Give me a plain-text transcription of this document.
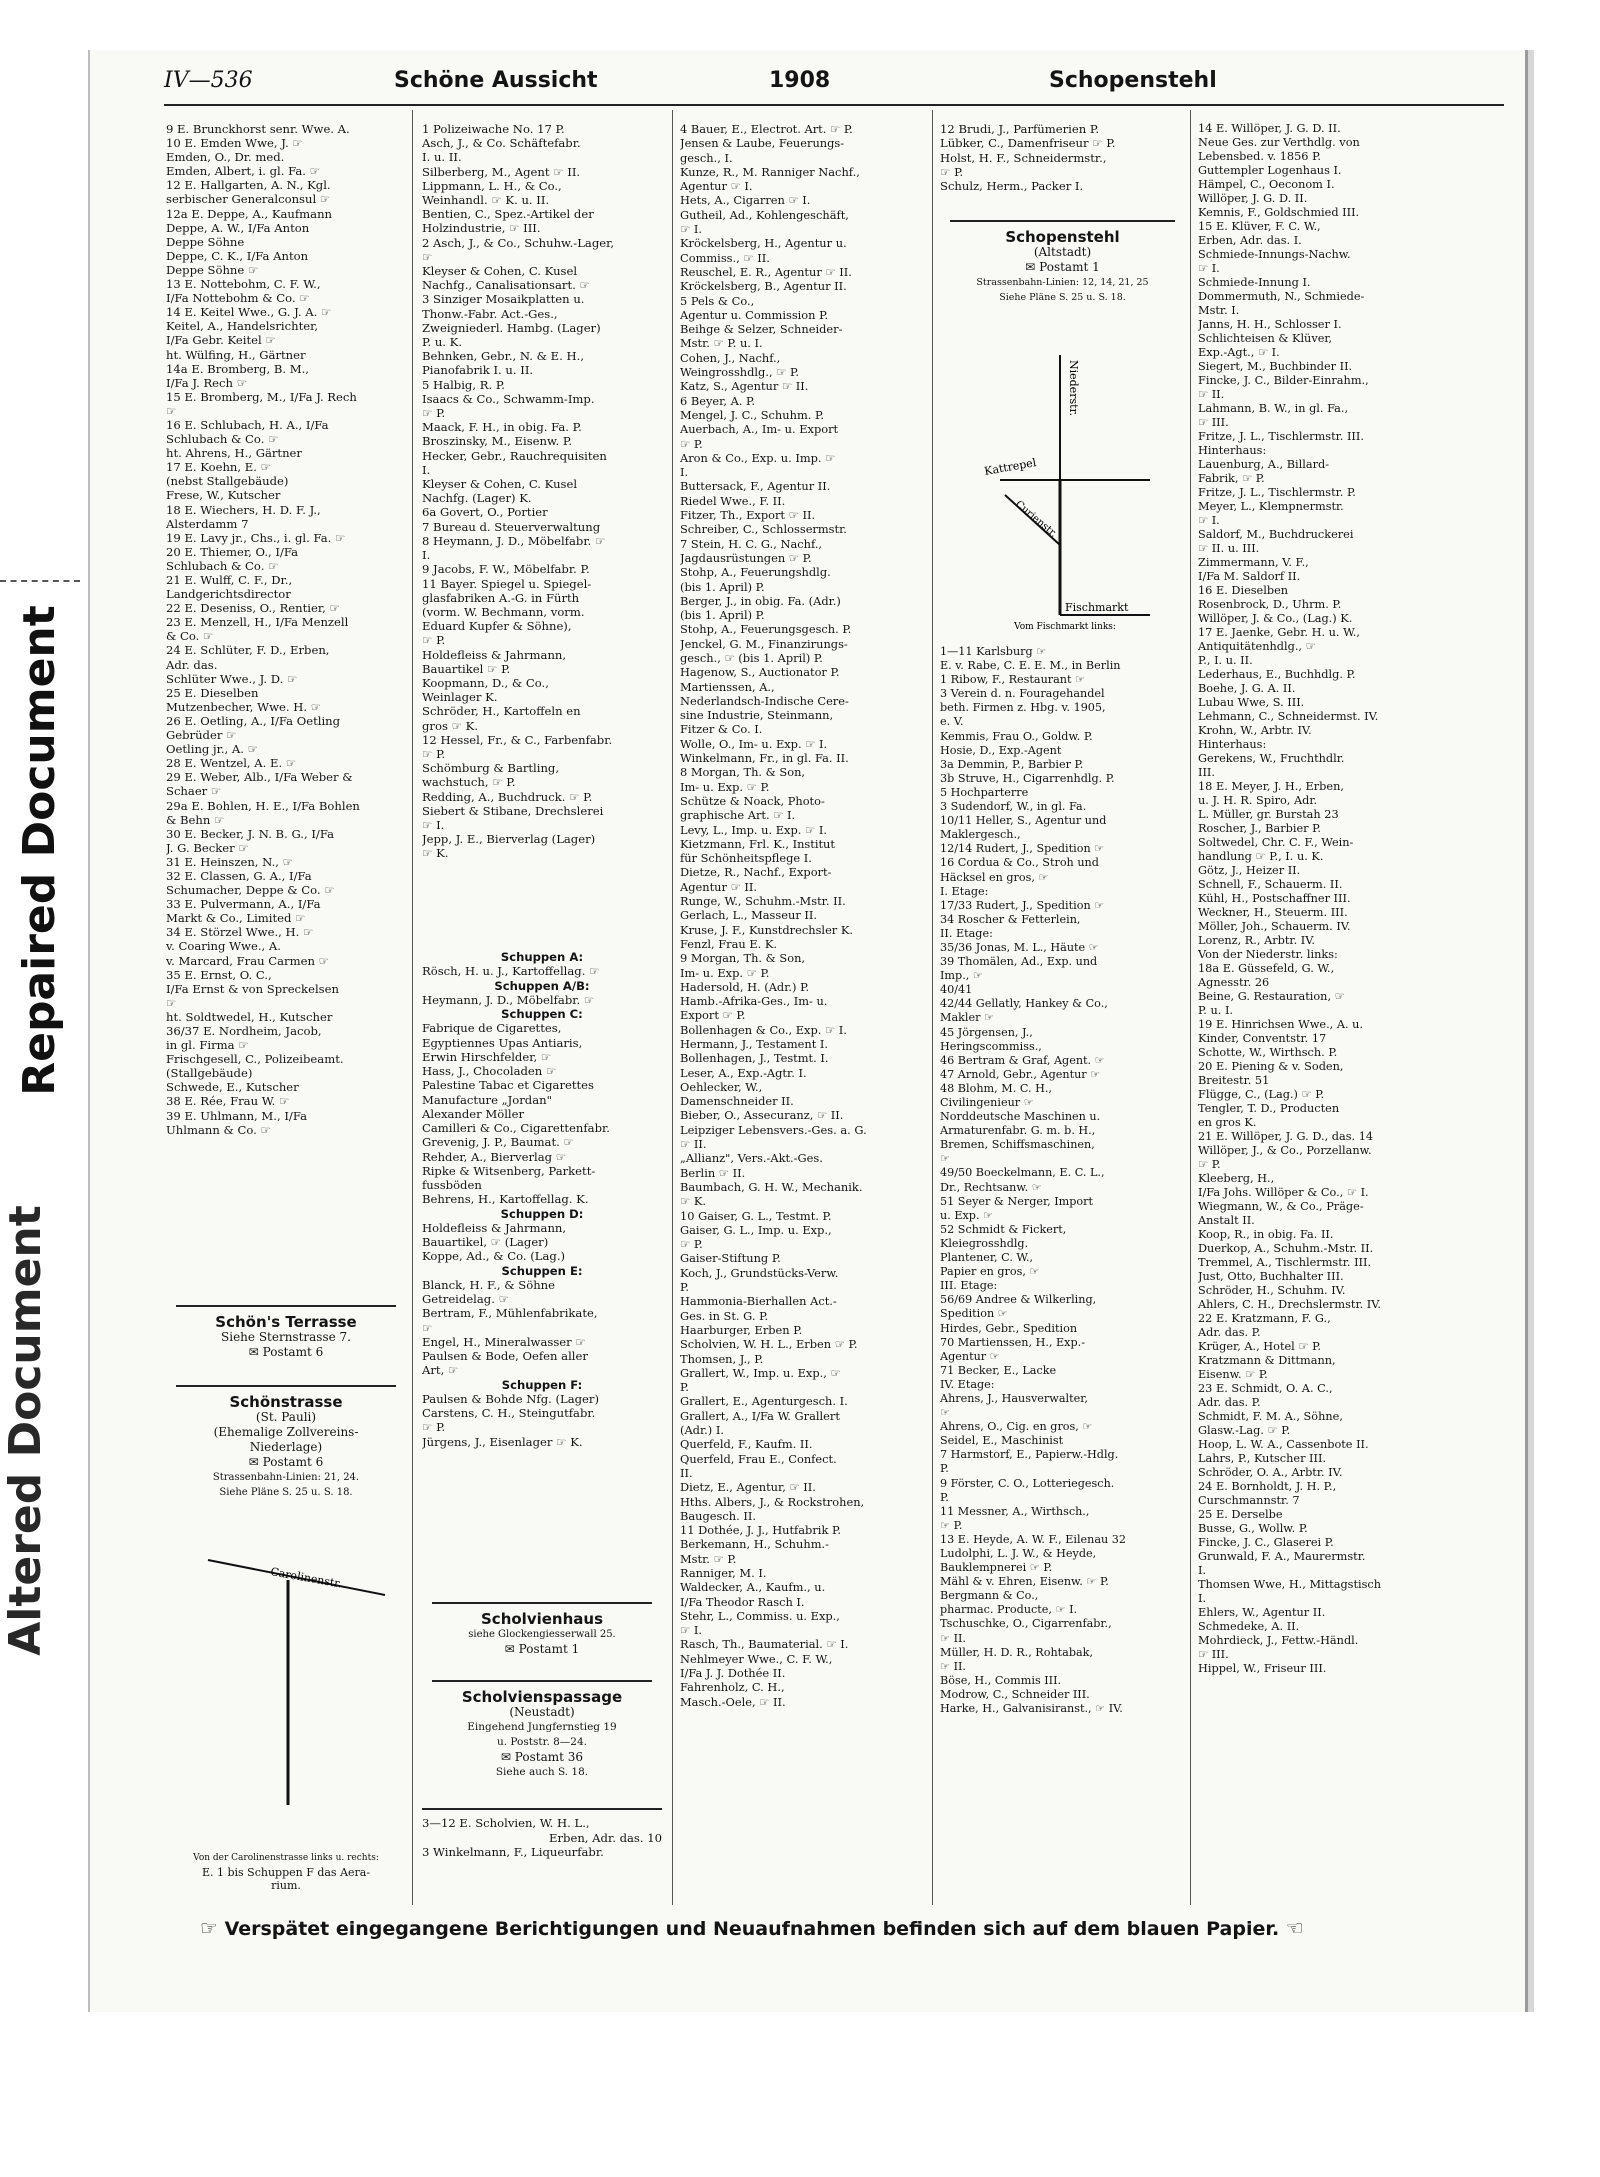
Repaired Document
Altered Document
IV—536	Schöne Aussicht	1908	Schopenstehl
9 E. Brunckhorst senr. Wwe. A.
10 E. Emden Wwe, J. ☞
Emden, O., Dr. med.
Emden, Albert, i. gl. Fa. ☞
12 E. Hallgarten, A. N., Kgl.
serbischer Generalconsul ☞
12a E. Deppe, A., Kaufmann
Deppe, A. W., I/Fa Anton
Deppe Söhne
Deppe, C. K., I/Fa Anton
Deppe Söhne ☞
13 E. Nottebohm, C. F. W.,
I/Fa Nottebohm & Co. ☞
14 E. Keitel Wwe., G. J. A. ☞
Keitel, A., Handelsrichter,
I/Fa Gebr. Keitel ☞
ht. Wülfing, H., Gärtner
14a E. Bromberg, B. M.,
I/Fa J. Rech ☞
15 E. Bromberg, M., I/Fa J. Rech
☞
16 E. Schlubach, H. A., I/Fa
Schlubach & Co. ☞
ht. Ahrens, H., Gärtner
17 E. Koehn, E. ☞
(nebst Stallgebäude)
Frese, W., Kutscher
18 E. Wiechers, H. D. F. J.,
Alsterdamm 7
19 E. Lavy jr., Chs., i. gl. Fa. ☞
20 E. Thiemer, O., I/Fa
Schlubach & Co. ☞
21 E. Wulff, C. F., Dr.,
Landgerichtsdirector
22 E. Deseniss, O., Rentier, ☞
23 E. Menzell, H., I/Fa Menzell
& Co. ☞
24 E. Schlüter, F. D., Erben,
Adr. das.
Schlüter Wwe., J. D. ☞
25 E. Dieselben
Mutzenbecher, Wwe. H. ☞
26 E. Oetling, A., I/Fa Oetling
Gebrüder ☞
Oetling jr., A. ☞
28 E. Wentzel, A. E. ☞
29 E. Weber, Alb., I/Fa Weber &
Schaer ☞
29a E. Bohlen, H. E., I/Fa Bohlen
& Behn ☞
30 E. Becker, J. N. B. G., I/Fa
J. G. Becker ☞
31 E. Heinszen, N., ☞
32 E. Classen, G. A., I/Fa
Schumacher, Deppe & Co. ☞
33 E. Pulvermann, A., I/Fa
Markt & Co., Limited ☞
34 E. Störzel Wwe., H. ☞
v. Coaring Wwe., A.
v. Marcard, Frau Carmen ☞
35 E. Ernst, O. C.,
I/Fa Ernst & von Spreckelsen
☞
ht. Soldtwedel, H., Kutscher
36/37 E. Nordheim, Jacob,
in gl. Firma ☞
Frischgesell, C., Polizeibeamt.
(Stallgebäude)
Schwede, E., Kutscher
38 E. Rée, Frau W. ☞
39 E. Uhlmann, M., I/Fa
Uhlmann & Co. ☞
Schön's Terrasse
Siehe Sternstrasse 7.
✉ Postamt 6
Schönstrasse
(St. Pauli)
(Ehemalige Zollvereins-
Niederlage)
✉ Postamt 6
Strassenbahn-Linien: 21, 24.
Siehe Pläne S. 25 u. S. 18.
Carolinenstr.
Von der Carolinenstrasse links u. rechts:
E. 1 bis Schuppen F das Aera-
rium.
1 Polizeiwache No. 17 P.
Asch, J., & Co. Schäftefabr.
I. u. II.
Silberberg, M., Agent ☞ II.
Lippmann, L. H., & Co.,
Weinhandl. ☞ K. u. II.
Bentien, C., Spez.-Artikel der
Holzindustrie, ☞ III.
2 Asch, J., & Co., Schuhw.-Lager,
☞
Kleyser & Cohen, C. Kusel
Nachfg., Canalisationsart. ☞
3 Sinziger Mosaikplatten u.
Thonw.-Fabr. Act.-Ges.,
Zweigniederl. Hambg. (Lager)
P. u. K.
Behnken, Gebr., N. & E. H.,
Pianofabrik I. u. II.
5 Halbig, R. P.
Isaacs & Co., Schwamm-Imp.
☞ P.
Maack, F. H., in obig. Fa. P.
Broszinsky, M., Eisenw. P.
Hecker, Gebr., Rauchrequisiten
I.
Kleyser & Cohen, C. Kusel
Nachfg. (Lager) K.
6a Govert, O., Portier
7 Bureau d. Steuerverwaltung
8 Heymann, J. D., Möbelfabr. ☞
I.
9 Jacobs, F. W., Möbelfabr. P.
11 Bayer. Spiegel u. Spiegel-
glasfabriken A.-G. in Fürth
(vorm. W. Bechmann, vorm.
Eduard Kupfer & Söhne),
☞ P.
Holdefleiss & Jahrmann,
Bauartikel ☞ P.
Koopmann, D., & Co.,
Weinlager K.
Schröder, H., Kartoffeln en
gros ☞ K.
12 Hessel, Fr., & C., Farbenfabr.
☞ P.
Schömburg & Bartling,
wachstuch, ☞ P.
Redding, A., Buchdruck. ☞ P.
Siebert & Stibane, Drechslerei
☞ I.
Jepp, J. E., Bierverlag (Lager)
☞ K.
Schuppen A:
Rösch, H. u. J., Kartoffellag. ☞
Schuppen A/B:
Heymann, J. D., Möbelfabr. ☞
Schuppen C:
Fabrique de Cigarettes,
Egyptiennes Upas Antiaris,
Erwin Hirschfelder, ☞
Hass, J., Chocoladen ☞
Palestine Tabac et Cigarettes
Manufacture „Jordan"
Alexander Möller
Camilleri & Co., Cigarettenfabr.
Grevenig, J. P., Baumat. ☞
Rehder, A., Bierverlag ☞
Ripke & Witsenberg, Parkett-
fussböden
Behrens, H., Kartoffellag. K.
Schuppen D:
Holdefleiss & Jahrmann,
Bauartikel, ☞ (Lager)
Koppe, Ad., & Co. (Lag.)
Schuppen E:
Blanck, H. F., & Söhne
Getreidelag. ☞
Bertram, F., Mühlenfabrikate,
☞
Engel, H., Mineralwasser ☞
Paulsen & Bode, Oefen aller
Art, ☞
Schuppen F:
Paulsen & Bohde Nfg. (Lager)
Carstens, C. H., Steingutfabr.
☞ P.
Jürgens, J., Eisenlager ☞ K.
Scholvienhaus
siehe Glockengiesserwall 25.
✉ Postamt 1
Scholvienspassage
(Neustadt)
Eingehend Jungfernstieg 19
u. Poststr. 8—24.
✉ Postamt 36
Siehe auch S. 18.
3—12 E. Scholvien, W. H. L.,
Erben, Adr. das. 10
3 Winkelmann, F., Liqueurfabr.
4 Bauer, E., Electrot. Art. ☞ P.
Jensen & Laube, Feuerungs-
gesch., I.
Kunze, R., M. Ranniger Nachf.,
Agentur ☞ I.
Hets, A., Cigarren ☞ I.
Gutheil, Ad., Kohlengeschäft,
☞ I.
Kröckelsberg, H., Agentur u.
Commiss., ☞ II.
Reuschel, E. R., Agentur ☞ II.
Kröckelsberg, B., Agentur II.
5 Pels & Co.,
Agentur u. Commission P.
Beihge & Selzer, Schneider-
Mstr. ☞ P. u. I.
Cohen, J., Nachf.,
Weingrosshdlg., ☞ P.
Katz, S., Agentur ☞ II.
6 Beyer, A. P.
Mengel, J. C., Schuhm. P.
Auerbach, A., Im- u. Export
☞ P.
Aron & Co., Exp. u. Imp. ☞
I.
Buttersack, F., Agentur II.
Riedel Wwe., F. II.
Fitzer, Th., Export ☞ II.
Schreiber, C., Schlossermstr.
7 Stein, H. C. G., Nachf.,
Jagdausrüstungen ☞ P.
Stohp, A., Feuerungshdlg.
(bis 1. April) P.
Berger, J., in obig. Fa. (Adr.)
(bis 1. April) P.
Stohp, A., Feuerungsgesch. P.
Jenckel, G. M., Finanzirungs-
gesch., ☞ (bis 1. April) P.
Hagenow, S., Auctionator P.
Martienssen, A.,
Nederlandsch-Indische Cere-
sine Industrie, Steinmann,
Fitzer & Co. I.
Wolle, O., Im- u. Exp. ☞ I.
Winkelmann, Fr., in gl. Fa. II.
8 Morgan, Th. & Son,
Im- u. Exp. ☞ P.
Schütze & Noack, Photo-
graphische Art. ☞ I.
Levy, L., Imp. u. Exp. ☞ I.
Kietzmann, Frl. K., Institut
für Schönheitspflege I.
Dietze, R., Nachf., Export-
Agentur ☞ II.
Runge, W., Schuhm.-Mstr. II.
Gerlach, L., Masseur II.
Kruse, J. F., Kunstdrechsler K.
Fenzl, Frau E. K.
9 Morgan, Th. & Son,
Im- u. Exp. ☞ P.
Hadersold, H. (Adr.) P.
Hamb.-Afrika-Ges., Im- u.
Export ☞ P.
Bollenhagen & Co., Exp. ☞ I.
Hermann, J., Testament I.
Bollenhagen, J., Testmt. I.
Leser, A., Exp.-Agtr. I.
Oehlecker, W.,
Damenschneider II.
Bieber, O., Assecuranz, ☞ II.
Leipziger Lebensvers.-Ges. a. G.
☞ II.
„Allianz", Vers.-Akt.-Ges.
Berlin ☞ II.
Baumbach, G. H. W., Mechanik.
☞ K.
10 Gaiser, G. L., Testmt. P.
Gaiser, G. L., Imp. u. Exp.,
☞ P.
Gaiser-Stiftung P.
Koch, J., Grundstücks-Verw.
P.
Hammonia-Bierhallen Act.-
Ges. in St. G. P.
Haarburger, Erben P.
Scholvien, W. H. L., Erben ☞ P.
Thomsen, J., P.
Grallert, W., Imp. u. Exp., ☞
P.
Grallert, E., Agenturgesch. I.
Grallert, A., I/Fa W. Grallert
(Adr.) I.
Querfeld, F., Kaufm. II.
Querfeld, Frau E., Confect.
II.
Dietz, E., Agentur, ☞ II.
Hths. Albers, J., & Rockstrohen,
Baugesch. II.
11 Dothée, J. J., Hutfabrik P.
Berkemann, H., Schuhm.-
Mstr. ☞ P.
Ranniger, M. I.
Waldecker, A., Kaufm., u.
I/Fa Theodor Rasch I.
Stehr, L., Commiss. u. Exp.,
☞ I.
Rasch, Th., Baumaterial. ☞ I.
Nehlmeyer Wwe., C. F. W.,
I/Fa J. J. Dothée II.
Fahrenholz, C. H.,
Masch.-Oele, ☞ II.
12 Brudi, J., Parfümerien P.
Lübker, C., Damenfriseur ☞ P.
Holst, H. F., Schneidermstr.,
☞ P.
Schulz, Herm., Packer I.
Schopenstehl
(Altstadt)
✉ Postamt 1
Strassenbahn-Linien: 12, 14, 21, 25
Siehe Pläne S. 25 u. S. 18.
Niederstr.
Kattrepel
Curienstr.
Fischmarkt
Vom Fischmarkt links:
1—11 Karlsburg ☞
E. v. Rabe, C. E. E. M., in Berlin
1 Ribow, F., Restaurant ☞
3 Verein d. n. Fouragehandel
beth. Firmen z. Hbg. v. 1905,
e. V.
Kemmis, Frau O., Goldw. P.
Hosie, D., Exp.-Agent
3a Demmin, P., Barbier P.
3b Struve, H., Cigarrenhdlg. P.
5 Hochparterre
3 Sudendorf, W., in gl. Fa.
10/11 Heller, S., Agentur und
Maklergesch.,
12/14 Rudert, J., Spedition ☞
16 Cordua & Co., Stroh und
Häcksel en gros, ☞
I. Etage:
17/33 Rudert, J., Spedition ☞
34 Roscher & Fetterlein,
II. Etage:
35/36 Jonas, M. L., Häute ☞
39 Thomälen, Ad., Exp. und
Imp., ☞
40/41
42/44 Gellatly, Hankey & Co.,
Makler ☞
45 Jörgensen, J.,
Heringscommiss.,
46 Bertram & Graf, Agent. ☞
47 Arnold, Gebr., Agentur ☞
48 Blohm, M. C. H.,
Civilingenieur ☞
Norddeutsche Maschinen u.
Armaturenfabr. G. m. b. H.,
Bremen, Schiffsmaschinen,
☞
49/50 Boeckelmann, E. C. L.,
Dr., Rechtsanw. ☞
51 Seyer & Nerger, Import
u. Exp. ☞
52 Schmidt & Fickert,
Kleiegrosshdlg.
Plantener, C. W.,
Papier en gros, ☞
III. Etage:
56/69 Andree & Wilkerling,
Spedition ☞
Hirdes, Gebr., Spedition
70 Martienssen, H., Exp.-
Agentur ☞
71 Becker, E., Lacke
IV. Etage:
Ahrens, J., Hausverwalter,
☞
Ahrens, O., Cig. en gros, ☞
Seidel, E., Maschinist
7 Harmstorf, E., Papierw.-Hdlg.
P.
9 Förster, C. O., Lotteriegesch.
P.
11 Messner, A., Wirthsch.,
☞ P.
13 E. Heyde, A. W. F., Eilenau 32
Ludolphi, L. J. W., & Heyde,
Bauklempnerei ☞ P.
Mähl & v. Ehren, Eisenw. ☞ P.
Bergmann & Co.,
pharmac. Producte, ☞ I.
Tschuschke, O., Cigarrenfabr.,
☞ II.
Müller, H. D. R., Rohtabak,
☞ II.
Böse, H., Commis III.
Modrow, C., Schneider III.
Harke, H., Galvanisiranst., ☞ IV.
14 E. Willöper, J. G. D. II.
Neue Ges. zur Verthdlg. von
Lebensbed. v. 1856 P.
Guttempler Logenhaus I.
Hämpel, C., Oeconom I.
Willöper, J. G. D. II.
Kemnis, F., Goldschmied III.
15 E. Klüver, F. C. W.,
Erben, Adr. das. I.
Schmiede-Innungs-Nachw.
☞ I.
Schmiede-Innung I.
Dommermuth, N., Schmiede-
Mstr. I.
Janns, H. H., Schlosser I.
Schlichteisen & Klüver,
Exp.-Agt., ☞ I.
Siegert, M., Buchbinder II.
Fincke, J. C., Bilder-Einrahm.,
☞ II.
Lahmann, B. W., in gl. Fa.,
☞ III.
Fritze, J. L., Tischlermstr. III.
Hinterhaus:
Lauenburg, A., Billard-
Fabrik, ☞ P.
Fritze, J. L., Tischlermstr. P.
Meyer, L., Klempnermstr.
☞ I.
Saldorf, M., Buchdruckerei
☞ II. u. III.
Zimmermann, V. F.,
I/Fa M. Saldorf II.
16 E. Dieselben
Rosenbrock, D., Uhrm. P.
Willöper, J. & Co., (Lag.) K.
17 E. Jaenke, Gebr. H. u. W.,
Antiquitätenhdlg., ☞
P., I. u. II.
Lederhaus, E., Buchhdlg. P.
Boehe, J. G. A. II.
Lubau Wwe, S. III.
Lehmann, C., Schneidermst. IV.
Krohn, W., Arbtr. IV.
Hinterhaus:
Gerekens, W., Fruchthdlr.
III.
18 E. Meyer, J. H., Erben,
u. J. H. R. Spiro, Adr.
L. Müller, gr. Burstah 23
Roscher, J., Barbier P.
Soltwedel, Chr. C. F., Wein-
handlung ☞ P., I. u. K.
Götz, J., Heizer II.
Schnell, F., Schauerm. II.
Kühl, H., Postschaffner III.
Weckner, H., Steuerm. III.
Möller, Joh., Schauerm. IV.
Lorenz, R., Arbtr. IV.
Von der Niederstr. links:
18a E. Güssefeld, G. W.,
Agnesstr. 26
Beine, G. Restauration, ☞
P. u. I.
19 E. Hinrichsen Wwe., A. u.
Kinder, Conventstr. 17
Schotte, W., Wirthsch. P.
20 E. Piening & v. Soden,
Breitestr. 51
Flügge, C., (Lag.) ☞ P.
Tengler, T. D., Producten
en gros K.
21 E. Willöper, J. G. D., das. 14
Willöper, J., & Co., Porzellanw.
☞ P.
Kleeberg, H.,
I/Fa Johs. Willöper & Co., ☞ I.
Wiegmann, W., & Co., Präge-
Anstalt II.
Koop, R., in obig. Fa. II.
Duerkop, A., Schuhm.-Mstr. II.
Tremmel, A., Tischlermstr. III.
Just, Otto, Buchhalter III.
Schröder, H., Schuhm. IV.
Ahlers, C. H., Drechslermstr. IV.
22 E. Kratzmann, F. G.,
Adr. das. P.
Krüger, A., Hotel ☞ P.
Kratzmann & Dittmann,
Eisenw. ☞ P.
23 E. Schmidt, O. A. C.,
Adr. das. P.
Schmidt, F. M. A., Söhne,
Glasw.-Lag. ☞ P.
Hoop, L. W. A., Cassenbote II.
Lahrs, P., Kutscher III.
Schröder, O. A., Arbtr. IV.
24 E. Bornholdt, J. H. P.,
Curschmannstr. 7
25 E. Derselbe
Busse, G., Wollw. P.
Fincke, J. C., Glaserei P.
Grunwald, F. A., Maurermstr.
I.
Thomsen Wwe, H., Mittagstisch
I.
Ehlers, W., Agentur II.
Schmedeke, A. II.
Mohrdieck, J., Fettw.-Händl.
☞ III.
Hippel, W., Friseur III.
☞ Verspätet eingegangene Berichtigungen und Neuaufnahmen befinden sich auf dem blauen Papier. ☜
